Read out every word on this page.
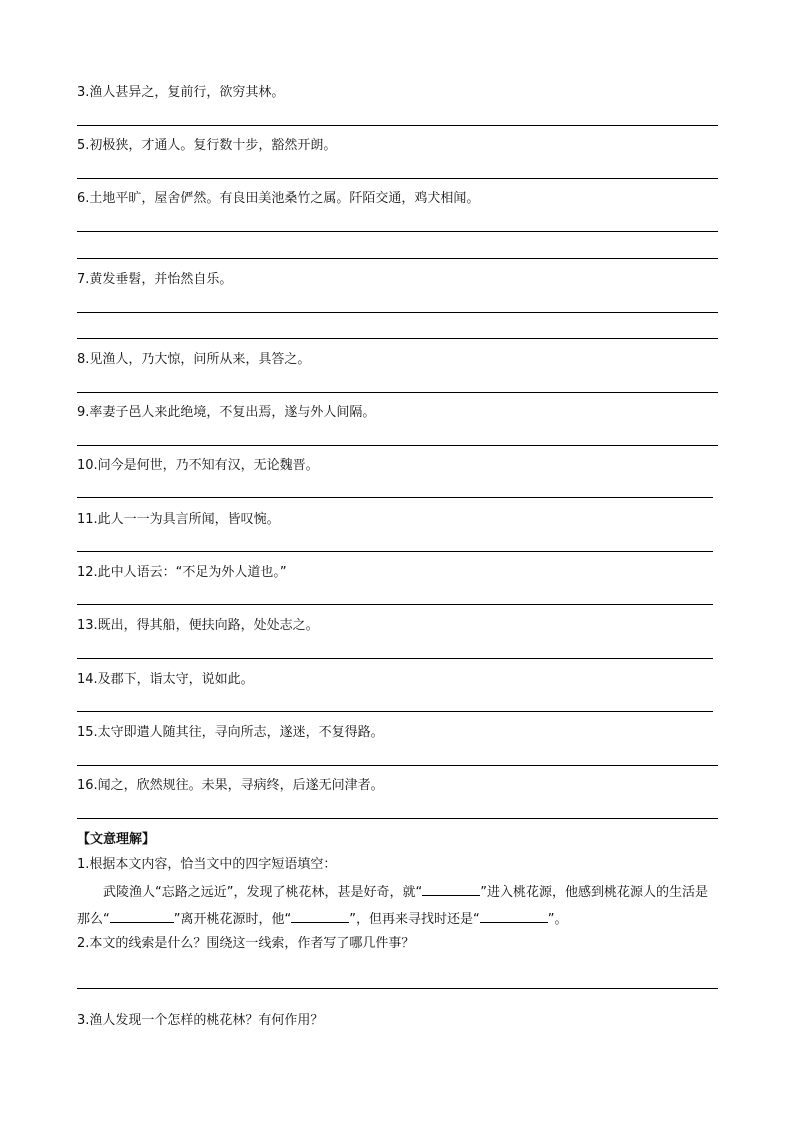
3.渔人甚异之，复前行，欲穷其林。
5.初极狭，才通人。复行数十步，豁然开朗。
6.土地平旷，屋舍俨然。有良田美池桑竹之属。阡陌交通，鸡犬相闻。
7.黄发垂髫，并怡然自乐。
8.见渔人，乃大惊，问所从来，具答之。
9.率妻子邑人来此绝境，不复出焉，遂与外人间隔。
10.问今是何世，乃不知有汉，无论魏晋。
11.此人一一为具言所闻，皆叹惋。
12.此中人语云：“不足为外人道也。”
13.既出，得其船，便扶向路，处处志之。
14.及郡下，诣太守，说如此。
15.太守即遣人随其往，寻向所志，遂迷，不复得路。
16.闻之，欣然规往。未果，寻病终，后遂无问津者。
【文意理解】
1.根据本文内容，恰当文中的四字短语填空：
武陵渔人“忘路之远近”，发现了桃花林，甚是好奇，就“	”进入桃花源，他感到桃花源人的生活是那么“	”离开桃花源时，他“	”，但再来寻找时还是“	”。
2.本文的线索是什么？围绕这一线索，作者写了哪几件事？
3.渔人发现一个怎样的桃花林？有何作用？
